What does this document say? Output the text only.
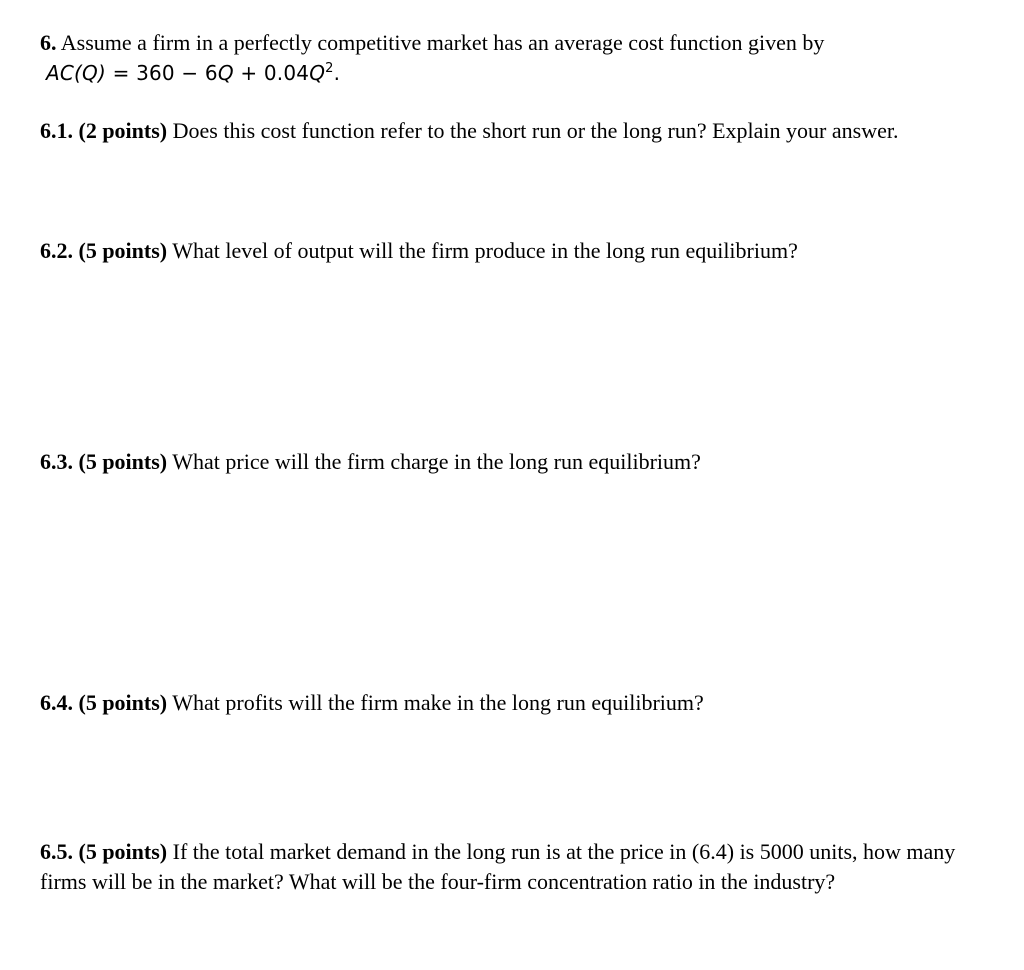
6. Assume a firm in a perfectly competitive market has an average cost function given by
$AC(Q) = 360 - 6Q + 0.04Q^2$.
6.1. (2 points) Does this cost function refer to the short run or the long run? Explain your answer.
6.2. (5 points) What level of output will the firm produce in the long run equilibrium?
6.3. (5 points) What price will the firm charge in the long run equilibrium?
6.4. (5 points) What profits will the firm make in the long run equilibrium?
6.5. (5 points) If the total market demand in the long run is at the price in (6.4) is 5000 units, how many firms will be in the market? What will be the four-firm concentration ratio in the industry?
